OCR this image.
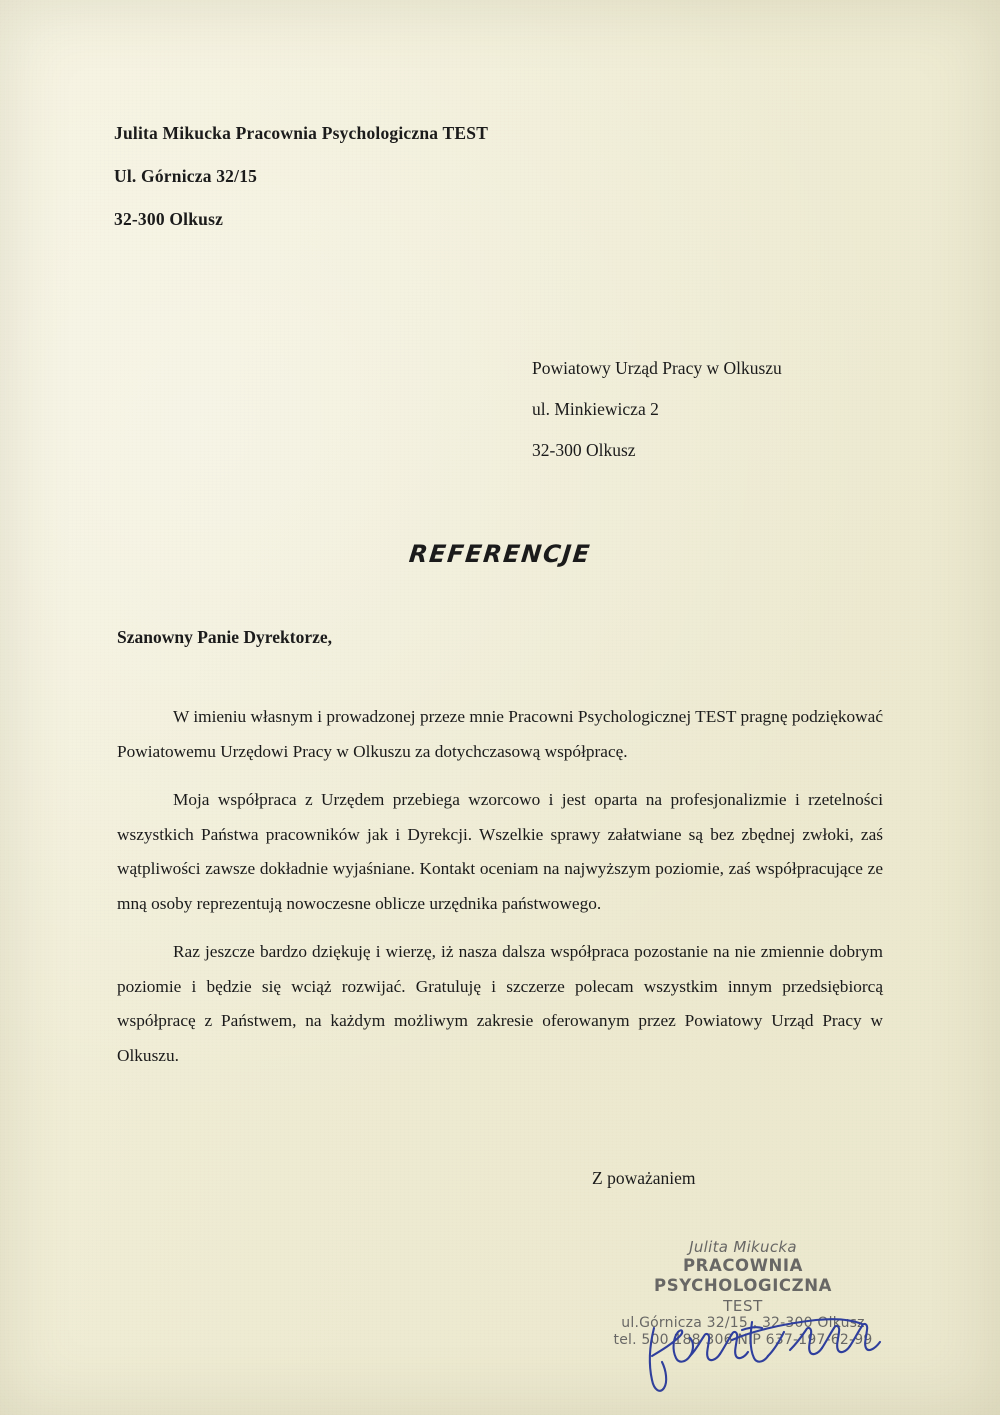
Julita Mikucka Pracownia Psychologiczna TEST
Ul. Górnicza 32/15
32-300 Olkusz
Powiatowy Urząd Pracy w Olkuszu
ul. Minkiewicza 2
32-300 Olkusz
REFERENCJE
Szanowny Panie Dyrektorze,

W imieniu własnym i prowadzonej przeze mnie Pracowni Psychologicznej TEST pragnę podziękować Powiatowemu Urzędowi Pracy w Olkuszu za dotychczasową współpracę.

Moja współpraca z Urzędem przebiega wzorcowo i jest oparta na profesjonalizmie i rzetelności wszystkich Państwa pracowników jak i Dyrekcji. Wszelkie sprawy załatwiane są bez zbędnej zwłoki, zaś wątpliwości zawsze dokładnie wyjaśniane. Kontakt oceniam na najwyższym poziomie, zaś współpracujące ze mną osoby reprezentują nowoczesne oblicze urzędnika państwowego.

Raz jeszcze bardzo dziękuję i wierzę, iż nasza dalsza współpraca pozostanie na nie zmiennie dobrym poziomie i będzie się wciąż rozwijać. Gratuluję i szczerze polecam wszystkim innym przedsiębiorcą współpracę z Państwem, na każdym możliwym zakresie oferowanym przez Powiatowy Urząd Pracy w Olkuszu.

Z poważaniem
Julita Mikucka
PRACOWNIA PSYCHOLOGICZNA
TEST
ul.Górnicza 32/15 , 32-300 Olkusz
tel. 500 188 306 NIP 637-197-62-99
